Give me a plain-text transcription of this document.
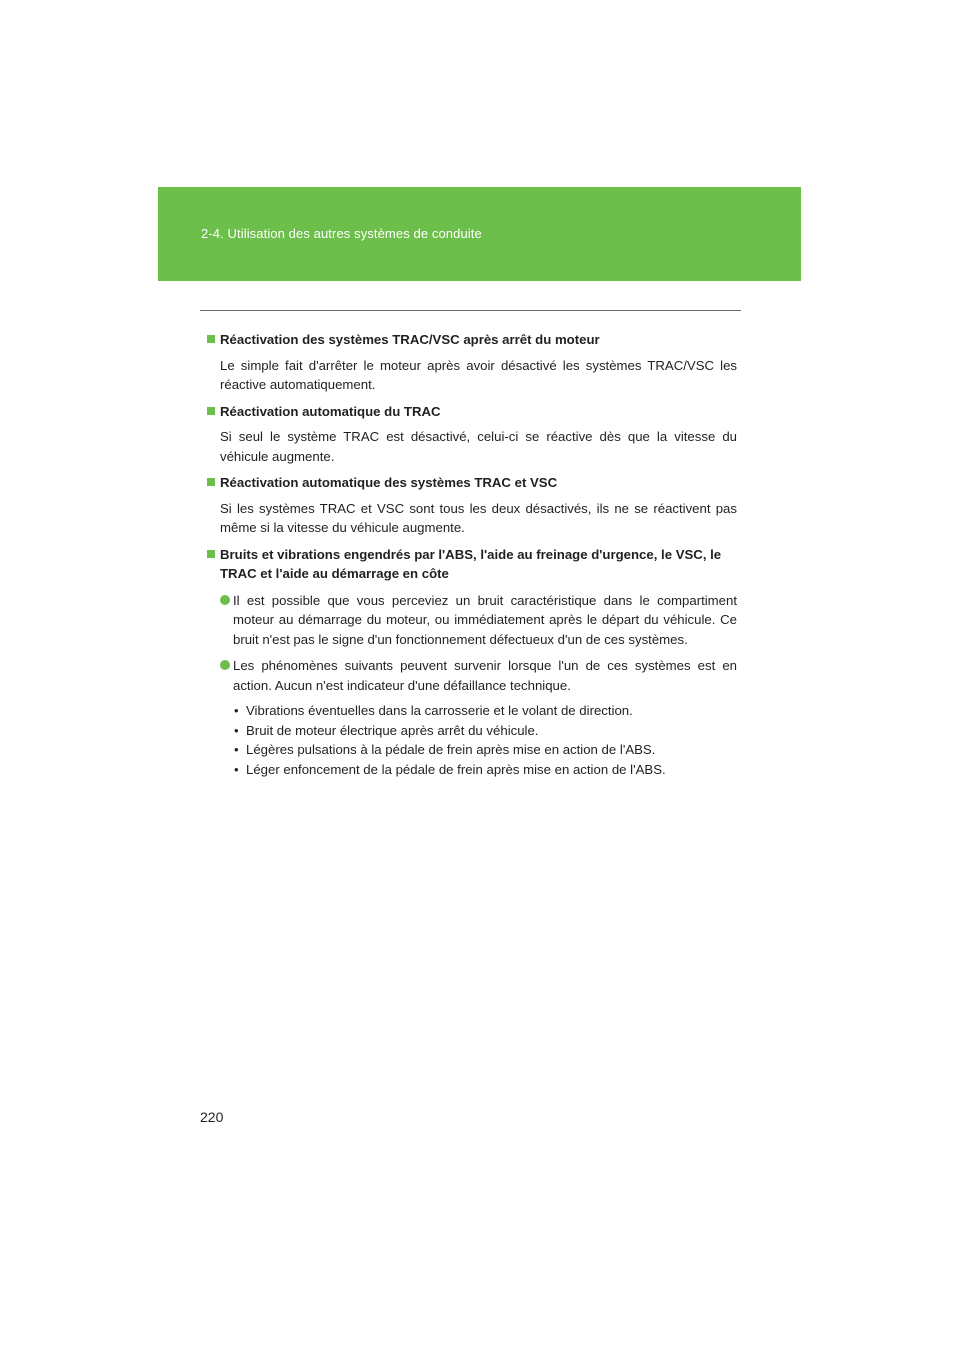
2-4. Utilisation des autres systèmes de conduite
Réactivation des systèmes TRAC/VSC après arrêt du moteur
Le simple fait d'arrêter le moteur après avoir désactivé les systèmes TRAC/VSC les réactive automatiquement.
Réactivation automatique du TRAC
Si seul le système TRAC est désactivé, celui-ci se réactive dès que la vitesse du véhicule augmente.
Réactivation automatique des systèmes TRAC et VSC
Si les systèmes TRAC et VSC sont tous les deux désactivés, ils ne se réactivent pas même si la vitesse du véhicule augmente.
Bruits et vibrations engendrés par l'ABS, l'aide au freinage d'urgence, le VSC, le TRAC et l'aide au démarrage en côte
Il est possible que vous perceviez un bruit caractéristique dans le compartiment moteur au démarrage du moteur, ou immédiatement après le départ du véhicule. Ce bruit n'est pas le signe d'un fonctionnement défectueux d'un de ces systèmes.
Les phénomènes suivants peuvent survenir lorsque l'un de ces systèmes est en action. Aucun n'est indicateur d'une défaillance technique.
• Vibrations éventuelles dans la carrosserie et le volant de direction.
• Bruit de moteur électrique après arrêt du véhicule.
• Légères pulsations à la pédale de frein après mise en action de l'ABS.
• Léger enfoncement de la pédale de frein après mise en action de l'ABS.
220
